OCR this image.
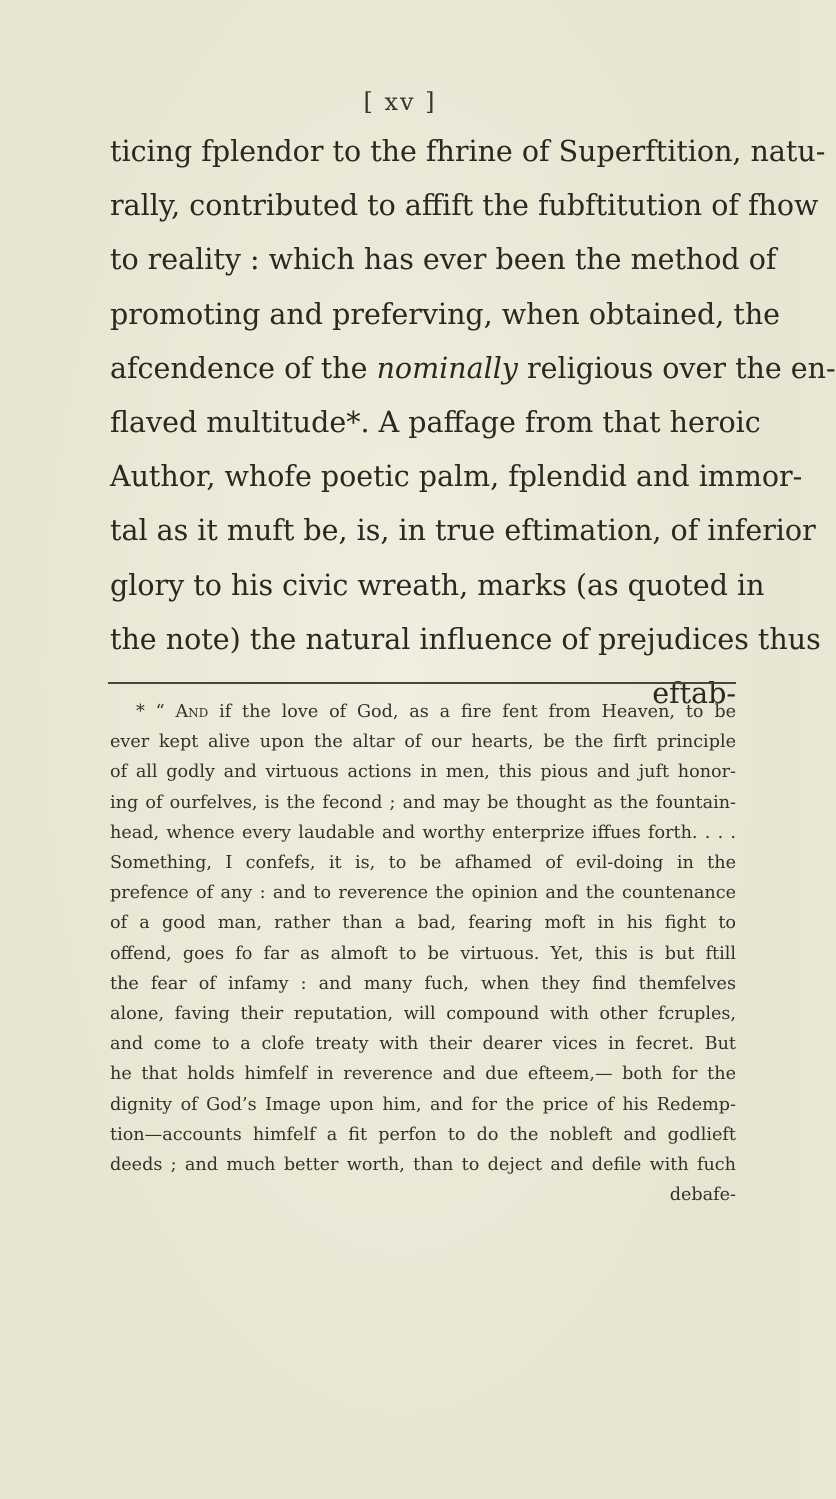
[ xv ]
ticing fplendor to the fhrine of Superftition, natu-
rally, contributed to affift the fubftitution of fhow
to reality : which has ever been the method of
promoting and preferving, when obtained, the
afcendence of the nominally religious over the en-
flaved multitude*. A paffage from that heroic
Author, whofe poetic palm, fplendid and immor-
tal as it muft be, is, in true eftimation, of inferior
glory to his civic wreath, marks (as quoted in
the note) the natural influence of prejudices thus
eftab-
* “ And if the love of God, as a fire fent from Heaven, to be
ever kept alive upon the altar of our hearts, be the firft principle
of all godly and virtuous actions in men, this pious and juft honor-
ing of ourfelves, is the fecond ; and may be thought as the fountain-
head, whence every laudable and worthy enterprize iffues forth. . . .
Something, I confefs, it is, to be afhamed of evil-doing in the
prefence of any : and to reverence the opinion and the countenance
of a good man, rather than a bad, fearing moft in his fight to
offend, goes fo far as almoft to be virtuous. Yet, this is but ftill
the fear of infamy : and many fuch, when they find themfelves
alone, faving their reputation, will compound with other fcruples,
and come to a clofe treaty with their dearer vices in fecret. But
he that holds himfelf in reverence and due efteem,— both for the
dignity of God’s Image upon him, and for the price of his Redemp-
tion—accounts himfelf a fit perfon to do the nobleft and godlieft
deeds ; and much better worth, than to deject and defile with fuch
debafe-
